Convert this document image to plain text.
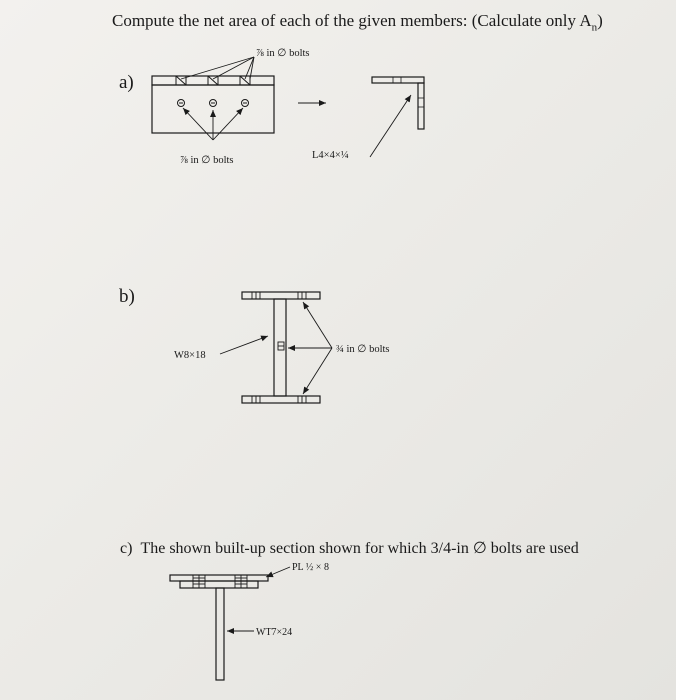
Compute the net area of each of the given members: (Calculate only $A_n$)
a)
b)
c) The shown built-up section shown for which 3/4-in ∅ bolts are used
⅞ in ∅ bolts
⅞ in ∅ bolts	L4×4×¼
W8×18
¾ in ∅ bolts
PL ½ × 8
WT7×24
